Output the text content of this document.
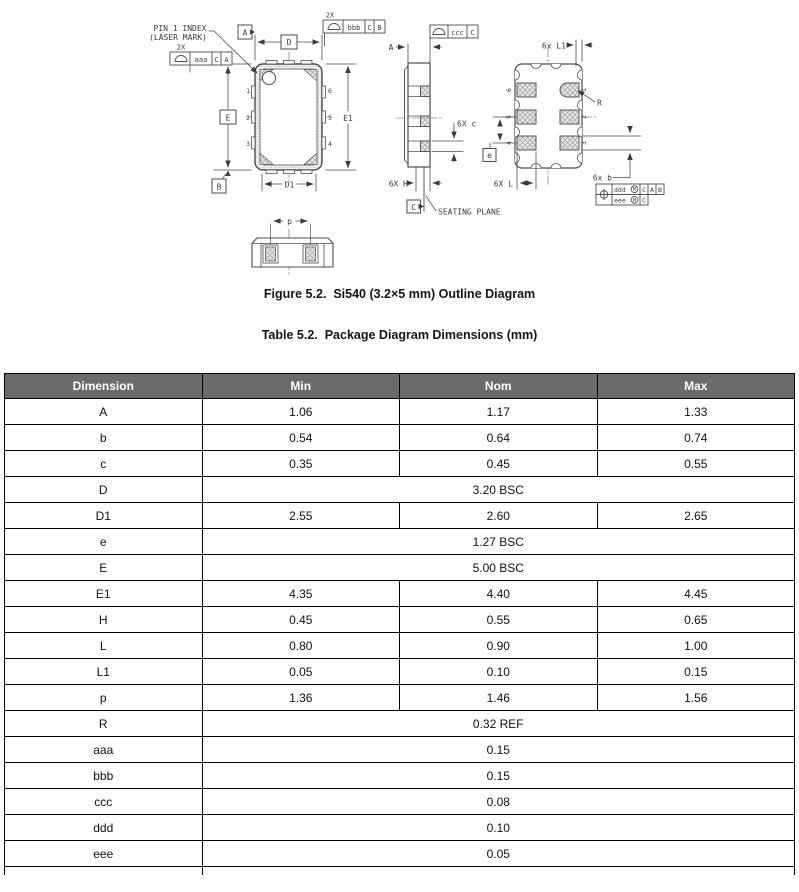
1
2
3
6
5
4
D
A
E
B
E1
D1
2X
aaa C A
PIN 1 INDEX
(LASER MARK)
2X
bbb C B
ccc C
A
6X c
6X H
C	SEATING PLANE
6
5
4
1
2
3
6x L1
R
e
6X L
6x b
ddd M C A B
eee M C
p
Figure 5.2.  Si540 (3.2×5 mm) Outline Diagram
Table 5.2.  Package Diagram Dimensions (mm)
Dimension	Min	Nom	Max
A	1.06	1.17	1.33
b	0.54	0.64	0.74
c	0.35	0.45	0.55
D	3.20 BSC		
D1	2.55	2.60	2.65
e	1.27 BSC		
E	5.00 BSC		
E1	4.35	4.40	4.45
H	0.45	0.55	0.65
L	0.80	0.90	1.00
L1	0.05	0.10	0.15
p	1.36	1.46	1.56
R	0.32 REF		
aaa	0.15		
bbb	0.15		
ccc	0.08		
ddd	0.10		
eee	0.05		
